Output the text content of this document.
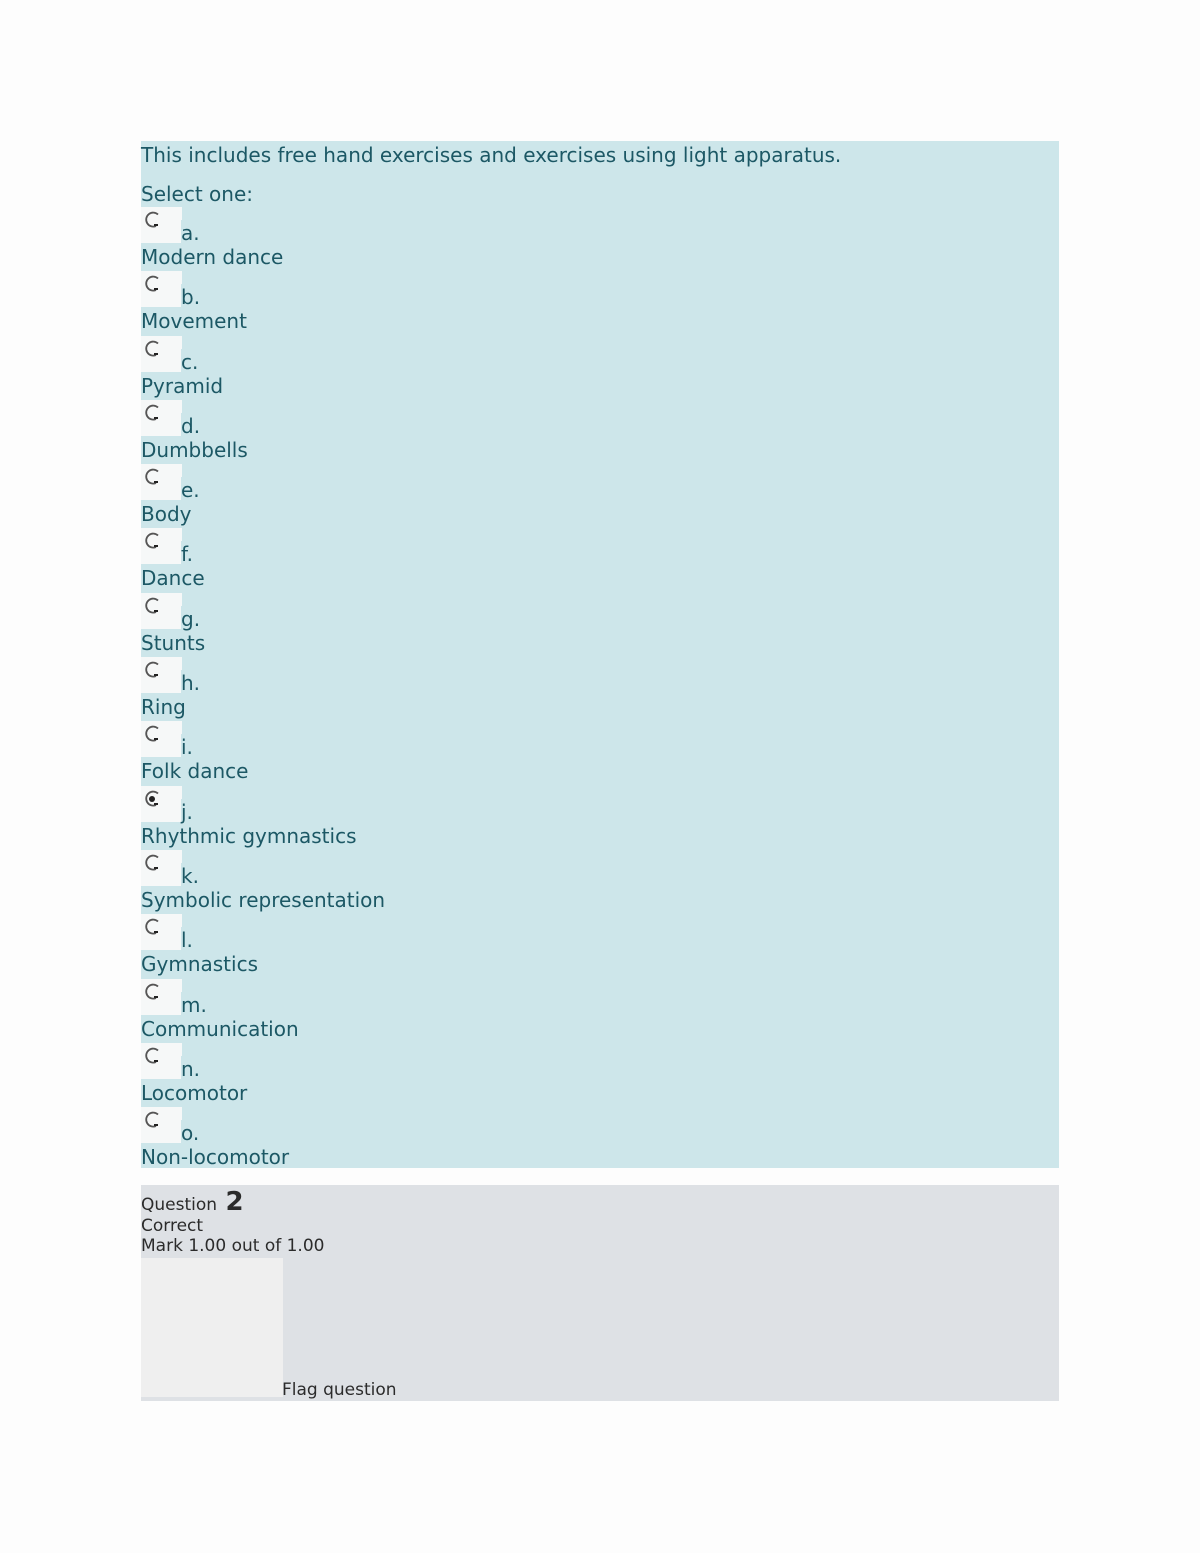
This includes free hand exercises and exercises using light apparatus.
Select one:
a.
Modern dance
b.
Movement
c.
Pyramid
d.
Dumbbells
e.
Body
f.
Dance
g.
Stunts
h.
Ring
i.
Folk dance
j.
Rhythmic gymnastics
k.
Symbolic representation
l.
Gymnastics
m.
Communication
n.
Locomotor
o.
Non-locomotor
Question 2
Correct
Mark 1.00 out of 1.00
Flag question
